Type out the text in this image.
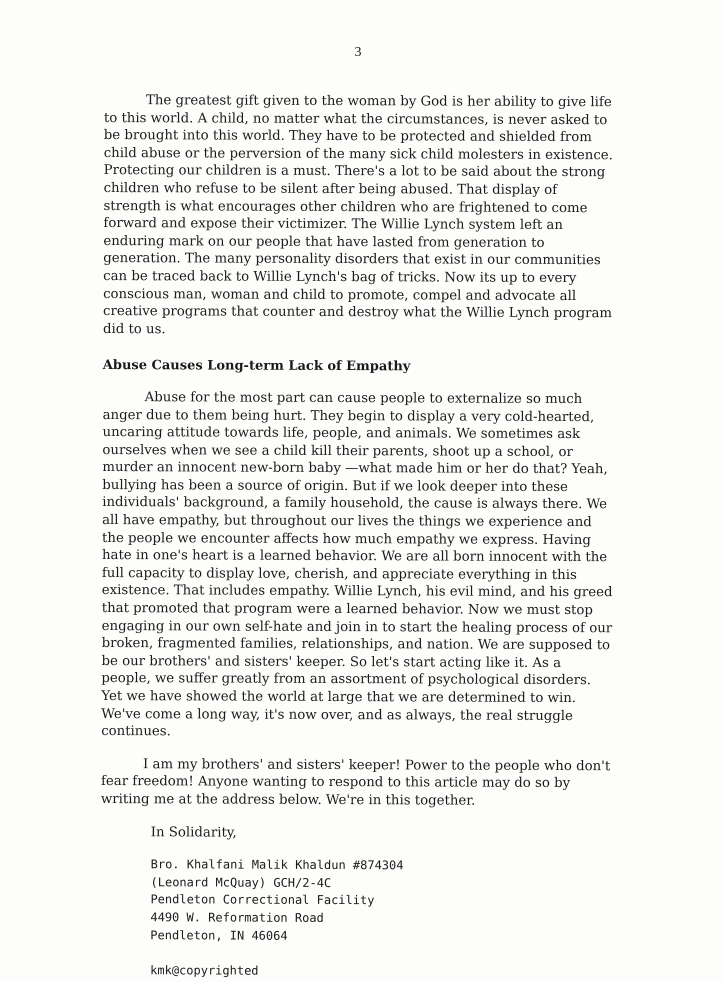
3

The greatest gift given to the woman by God is her ability to give life to this world. A child, no matter what the circumstances, is never asked to be brought into this world. They have to be protected and shielded from child abuse or the perversion of the many sick child molesters in existence. Protecting our children is a must. There's a lot to be said about the strong children who refuse to be silent after being abused. That display of strength is what encourages other children who are frightened to come forward and expose their victimizer. The Willie Lynch system left an enduring mark on our people that have lasted from generation to generation. The many personality disorders that exist in our communities can be traced back to Willie Lynch's bag of tricks. Now its up to every conscious man, woman and child to promote, compel and advocate all creative programs that counter and destroy what the Willie Lynch program did to us.

Abuse Causes Long-term Lack of Empathy

Abuse for the most part can cause people to externalize so much anger due to them being hurt. They begin to display a very cold-hearted, uncaring attitude towards life, people, and animals. We sometimes ask ourselves when we see a child kill their parents, shoot up a school, or murder an innocent new-born baby —what made him or her do that? Yeah, bullying has been a source of origin. But if we look deeper into these individuals' background, a family household, the cause is always there. We all have empathy, but throughout our lives the things we experience and the people we encounter affects how much empathy we express. Having hate in one's heart is a learned behavior. We are all born innocent with the full capacity to display love, cherish, and appreciate everything in this existence. That includes empathy. Willie Lynch, his evil mind, and his greed that promoted that program were a learned behavior. Now we must stop engaging in our own self-hate and join in to start the healing process of our broken, fragmented families, relationships, and nation. We are supposed to be our brothers' and sisters' keeper. So let's start acting like it. As a people, we suffer greatly from an assortment of psychological disorders. Yet we have showed the world at large that we are determined to win. We've come a long way, it's now over, and as always, the real struggle continues.

I am my brothers' and sisters' keeper! Power to the people who don't fear freedom! Anyone wanting to respond to this article may do so by writing me at the address below. We're in this together.

In Solidarity,
Bro. Khalfani Malik Khaldun #874304
(Leonard McQuay) GCH/2-4C
Pendleton Correctional Facility
4490 W. Reformation Road
Pendleton, IN 46064
kmk@copyrighted
